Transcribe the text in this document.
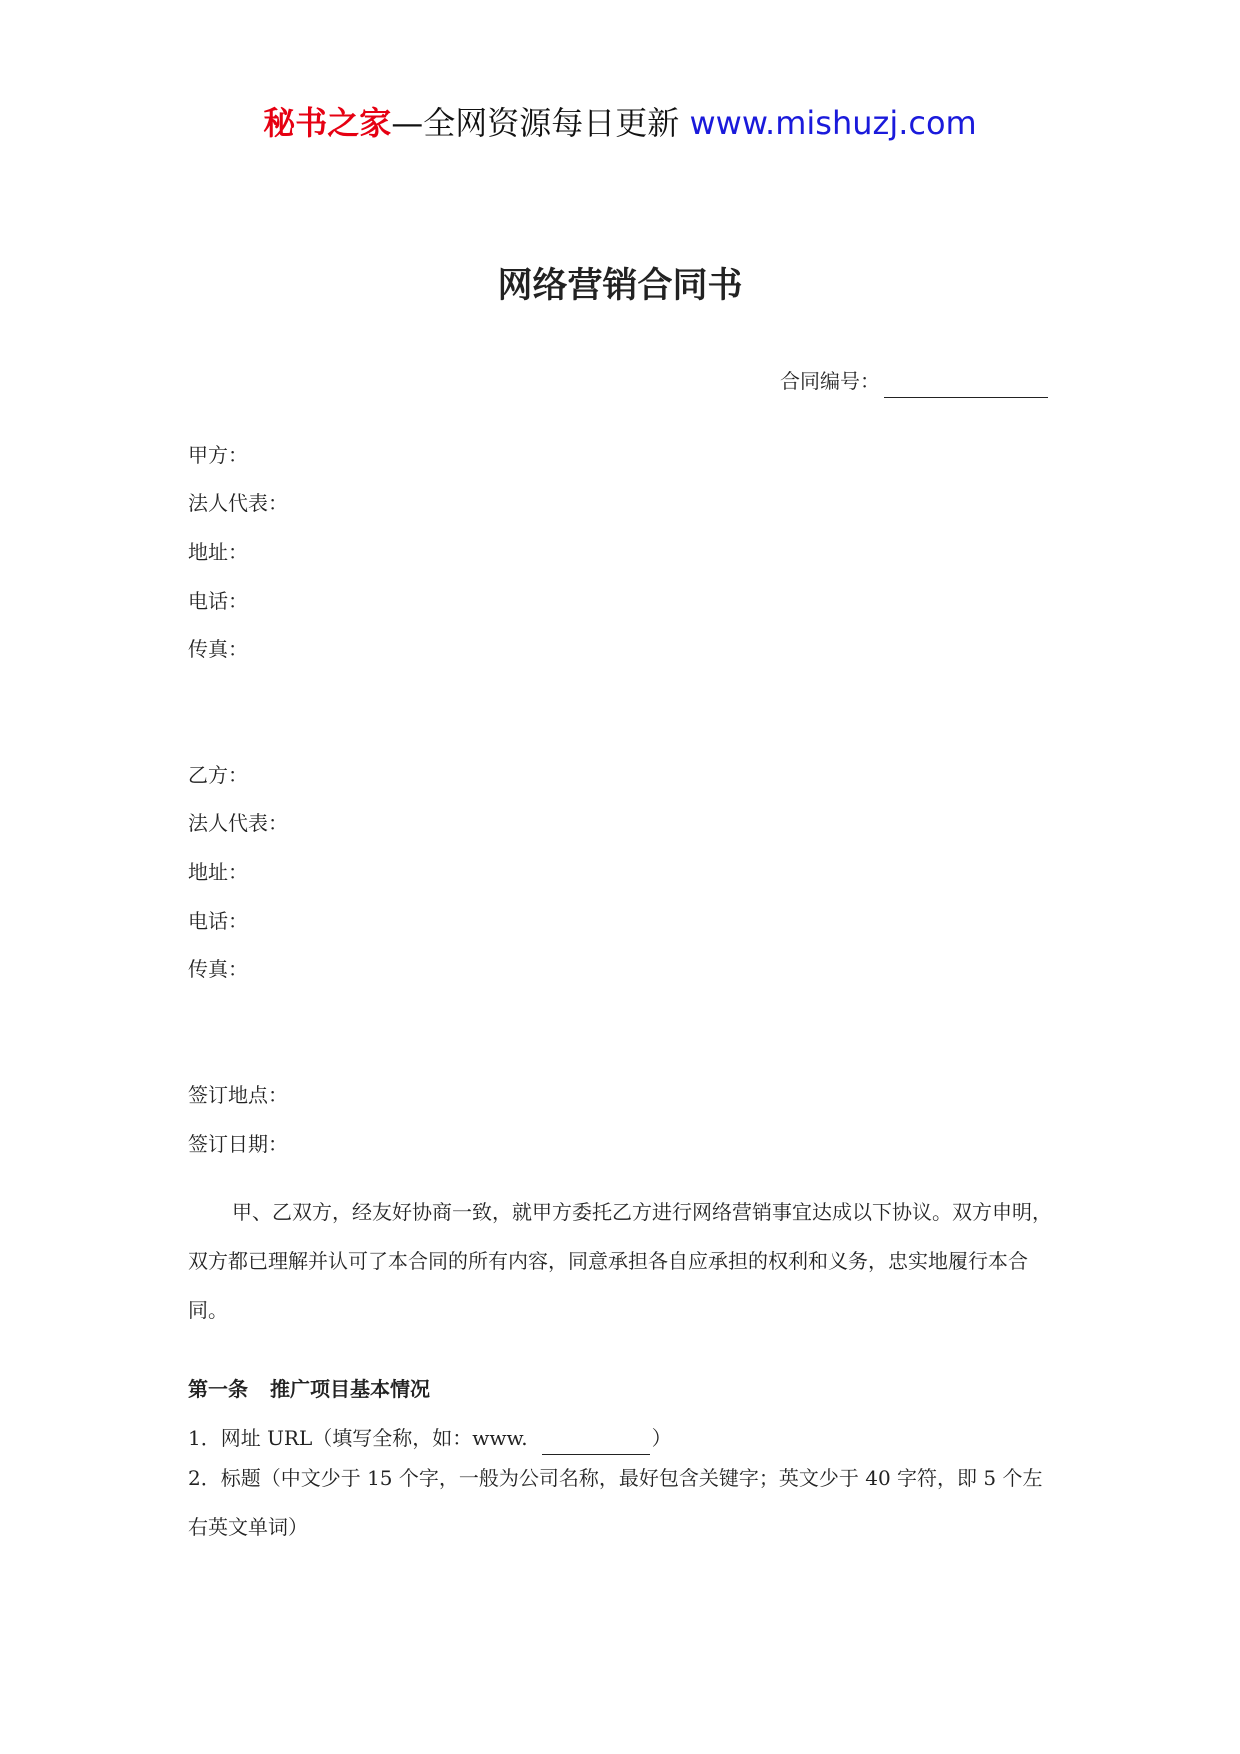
秘书之家—全网资源每日更新 www.mishuzj.com
网络营销合同书
合同编号：
甲方：
法人代表：
地址：
电话：
传真：
乙方：
法人代表：
地址：
电话：
传真：
签订地点：
签订日期：

甲、乙双方，经友好协商一致，就甲方委托乙方进行网络营销事宜达成以下协议。双方申明，双方都已理解并认可了本合同的所有内容，同意承担各自应承担的权利和义务，忠实地履行本合同。

第一条 推广项目基本情况
1．网址 URL（填写全称，如：www.	）
2．标题（中文少于 15 个字，一般为公司名称，最好包含关键字；英文少于 40 字符，即 5 个左右英文单词）
